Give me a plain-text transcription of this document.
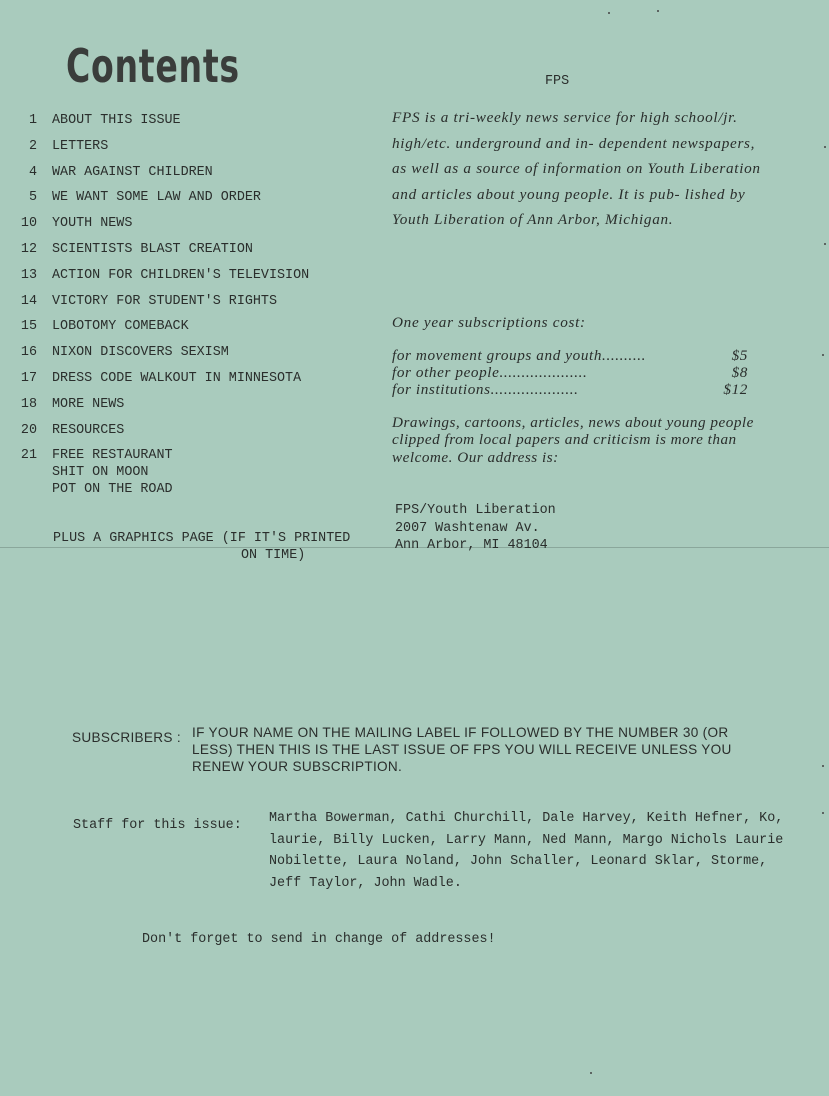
Contents
1 ABOUT THIS ISSUE
2 LETTERS
4 WAR AGAINST CHILDREN
5 WE WANT SOME LAW AND ORDER
10 YOUTH NEWS
12 SCIENTISTS BLAST CREATION
13 ACTION FOR CHILDREN'S TELEVISION
14 VICTORY FOR STUDENT'S RIGHTS
15 LOBOTOMY COMEBACK
16 NIXON DISCOVERS SEXISM
17 DRESS CODE WALKOUT IN MINNESOTA
18 MORE NEWS
20 RESOURCES
21 FREE RESTAURANT
SHIT ON MOON
POT ON THE ROAD
PLUS A GRAPHICS PAGE (IF IT'S PRINTED
ON TIME)
FPS
FPS is a tri-weekly news service for high school/jr. high/etc. underground and in- dependent newspapers, as well as a source of information on Youth Liberation and articles about young people. It is pub- lished by Youth Liberation of Ann Arbor, Michigan.
One year subscriptions cost:
for movement groups and youth ..........	$5
for other people ....................	$8
for institutions ....................	$12
Drawings, cartoons, articles, news about young people clipped from local papers and criticism is more than welcome. Our address is:
FPS/Youth Liberation
2007 Washtenaw Av.
Ann Arbor, MI 48104
SUBSCRIBERS : IF YOUR NAME ON THE MAILING LABEL IF FOLLOWED BY THE NUMBER 30 (OR LESS) THEN THIS IS THE LAST ISSUE OF FPS YOU WILL RECEIVE UNLESS YOU RENEW YOUR SUBSCRIPTION.
Staff for this issue: Martha Bowerman, Cathi Churchill, Dale Harvey, Keith Hefner, Ko, laurie, Billy Lucken, Larry Mann, Ned Mann, Margo Nichols Laurie Nobilette, Laura Noland, John Schaller, Leonard Sklar, Storme, Jeff Taylor, John Wadle.
Don't forget to send in change of addresses!
